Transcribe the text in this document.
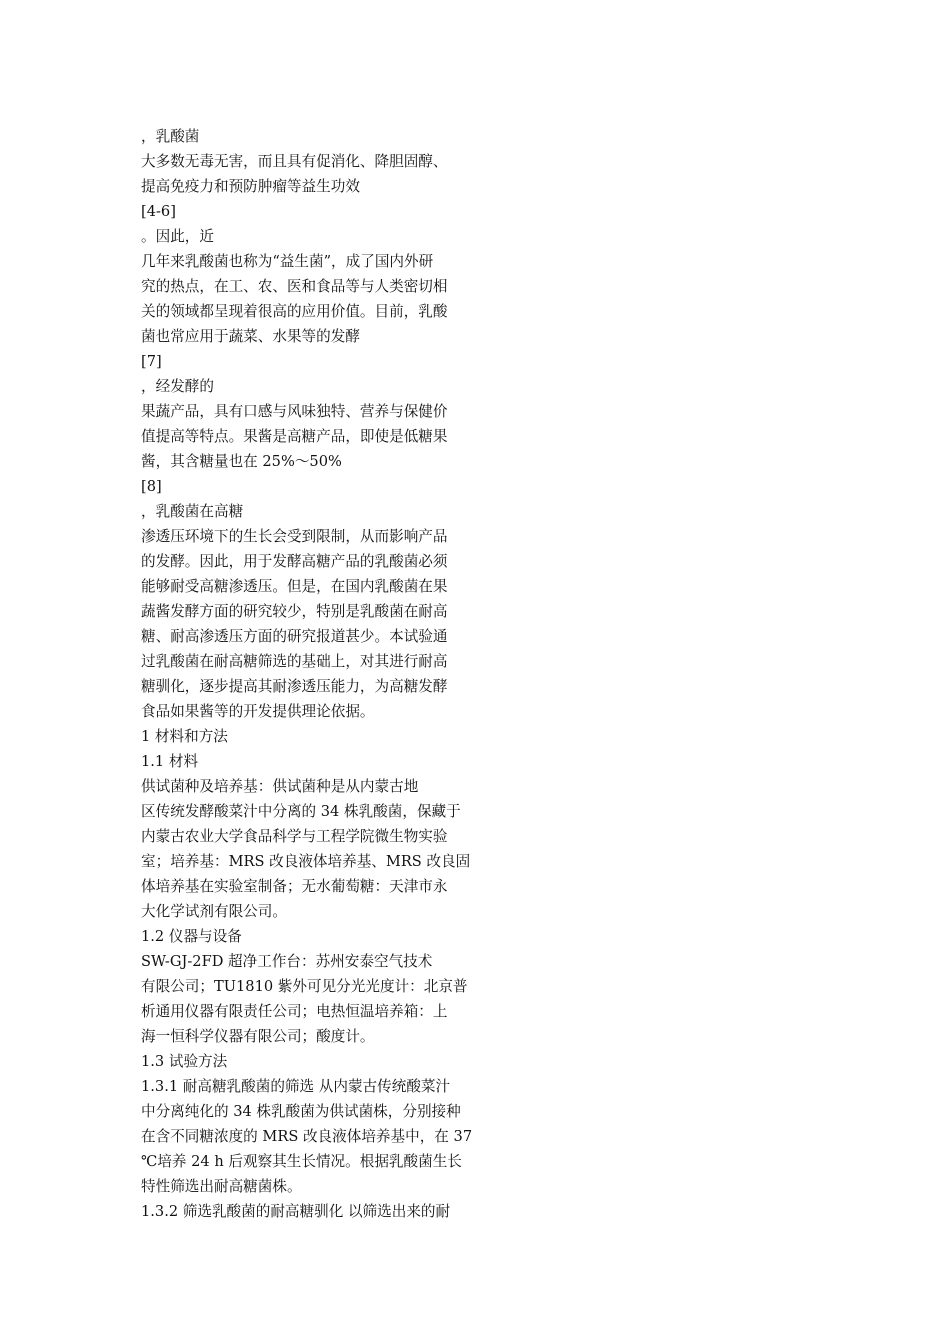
，乳酸菌
大多数无毒无害，而且具有促消化、降胆固醇、
提高免疫力和预防肿瘤等益生功效
[4-6]
。因此，近
几年来乳酸菌也称为“益生菌”，成了国内外研
究的热点，在工、农、医和食品等与人类密切相
关的领域都呈现着很高的应用价值。目前，乳酸
菌也常应用于蔬菜、水果等的发酵
[7]
，经发酵的
果蔬产品，具有口感与风味独特、营养与保健价
值提高等特点。果酱是高糖产品，即使是低糖果
酱，其含糖量也在 25%～50%
[8]
，乳酸菌在高糖
渗透压环境下的生长会受到限制，从而影响产品
的发酵。因此，用于发酵高糖产品的乳酸菌必须
能够耐受高糖渗透压。但是，在国内乳酸菌在果
蔬酱发酵方面的研究较少，特别是乳酸菌在耐高
糖、耐高渗透压方面的研究报道甚少。本试验通
过乳酸菌在耐高糖筛选的基础上，对其进行耐高
糖驯化，逐步提高其耐渗透压能力，为高糖发酵
食品如果酱等的开发提供理论依据。
1 材料和方法
1.1 材料
供试菌种及培养基：供试菌种是从内蒙古地
区传统发酵酸菜汁中分离的 34 株乳酸菌，保藏于
内蒙古农业大学食品科学与工程学院微生物实验
室；培养基：MRS 改良液体培养基、MRS 改良固
体培养基在实验室制备；无水葡萄糖：天津市永
大化学试剂有限公司。
1.2 仪器与设备
SW-GJ-2FD 超净工作台：苏州安泰空气技术
有限公司；TU1810 紫外可见分光光度计：北京普
析通用仪器有限责任公司；电热恒温培养箱：上
海一恒科学仪器有限公司；酸度计。
1.3 试验方法
1.3.1 耐高糖乳酸菌的筛选 从内蒙古传统酸菜汁
中分离纯化的 34 株乳酸菌为供试菌株，分别接种
在含不同糖浓度的 MRS 改良液体培养基中，在 37
℃培养 24 h 后观察其生长情况。根据乳酸菌生长
特性筛选出耐高糖菌株。
1.3.2 筛选乳酸菌的耐高糖驯化 以筛选出来的耐
